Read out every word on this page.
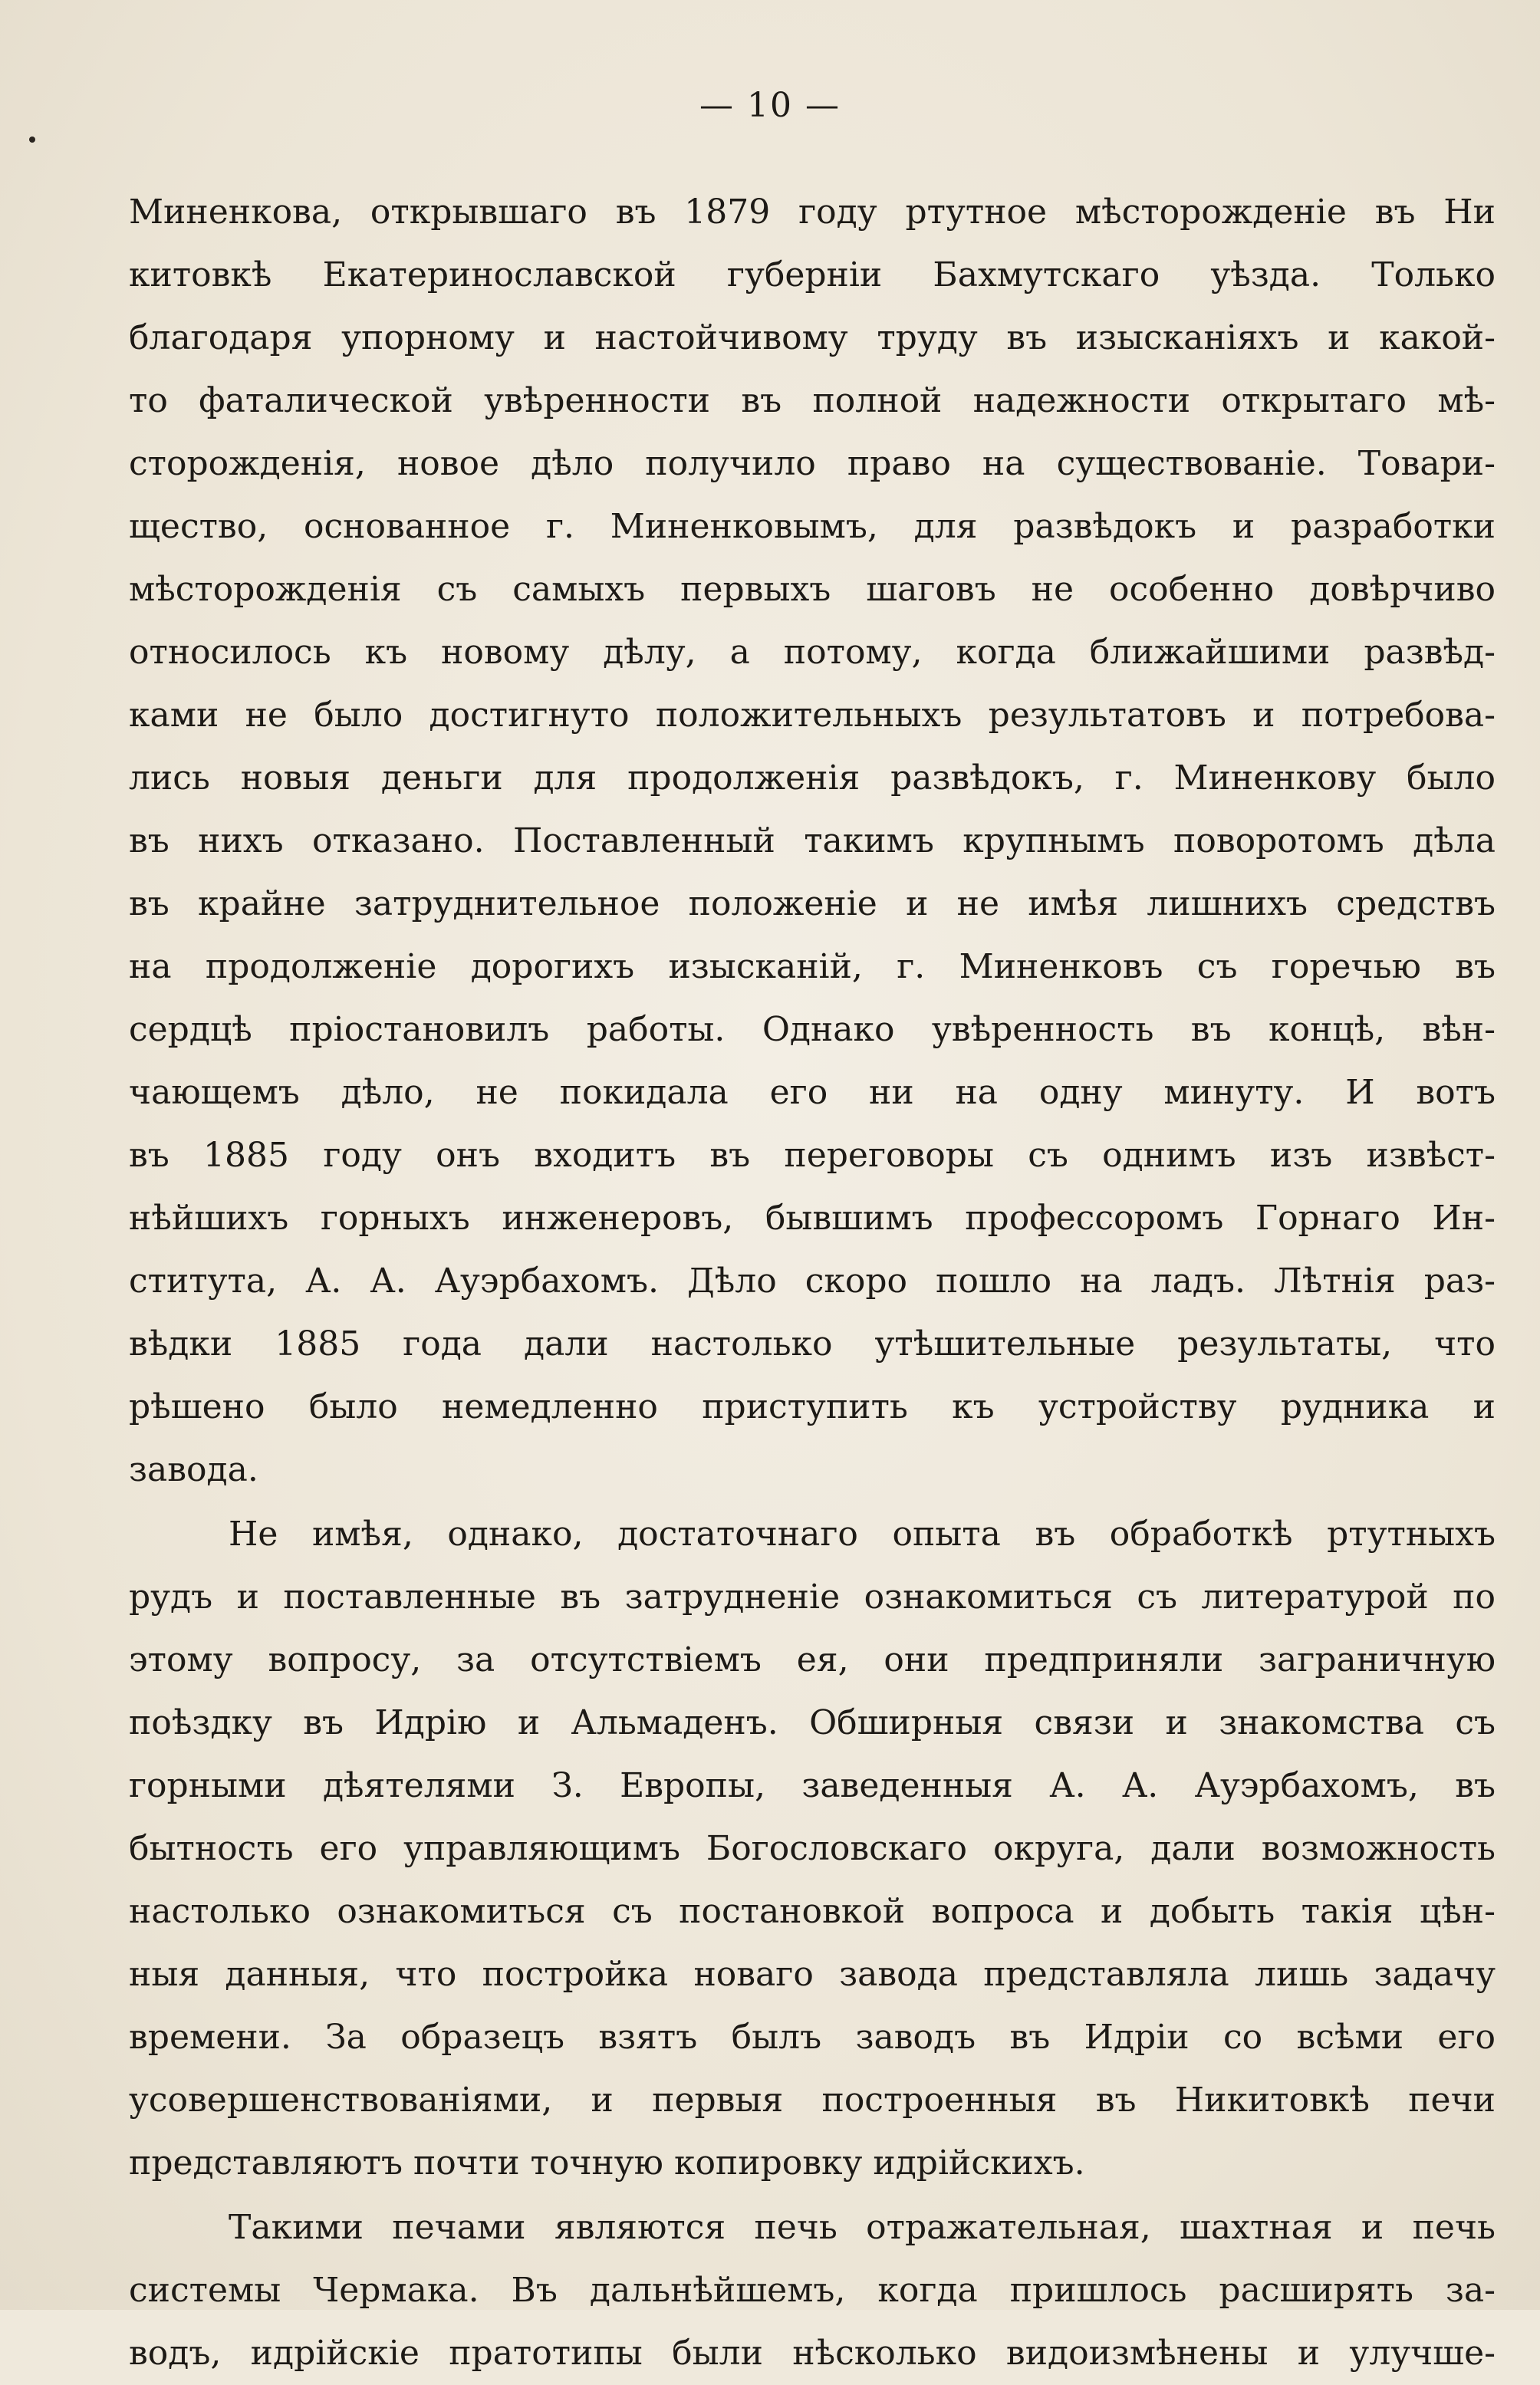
— 10 —
Миненкова, открывшаго въ 1879 году ртутное мѣсторожденіе въ Ни
китовкѣ Екатеринославской губерніи Бахмутскаго уѣзда. Только
благодаря упорному и настойчивому труду въ изысканіяхъ и какой-
то фаталической увѣренности въ полной надежности открытаго мѣ-
сторожденія, новое дѣло получило право на существованіе. Товари-
щество, основанное г. Миненковымъ, для развѣдокъ и разработки
мѣсторожденія съ самыхъ первыхъ шаговъ не особенно довѣрчиво
относилось къ новому дѣлу, а потому, когда ближайшими развѣд-
ками не было достигнуто положительныхъ результатовъ и потребова-
лись новыя деньги для продолженія развѣдокъ, г. Миненкову было
въ нихъ отказано. Поставленный такимъ крупнымъ поворотомъ дѣла
въ крайне затруднительное положеніе и не имѣя лишнихъ средствъ
на продолженіе дорогихъ изысканій, г. Миненковъ съ горечью въ
сердцѣ пріостановилъ работы. Однако увѣренность въ концѣ, вѣн-
чающемъ дѣло, не покидала его ни на одну минуту. И вотъ
въ 1885 году онъ входитъ въ переговоры съ однимъ изъ извѣст-
нѣйшихъ горныхъ инженеровъ, бывшимъ профессоромъ Горнаго Ин-
ститута, А. А. Ауэрбахомъ. Дѣло скоро пошло на ладъ. Лѣтнія раз-
вѣдки 1885 года дали настолько утѣшительные результаты, что
рѣшено было немедленно приступить къ устройству рудника и
завода.
Не имѣя, однако, достаточнаго опыта въ обработкѣ ртутныхъ
рудъ и поставленные въ затрудненіе ознакомиться съ литературой по
этому вопросу, за отсутствіемъ ея, они предприняли заграничную
поѣздку въ Идрію и Альмаденъ. Обширныя связи и знакомства съ
горными дѣятелями З. Европы, заведенныя А. А. Ауэрбахомъ, въ
бытность его управляющимъ Богословскаго округа, дали возможность
настолько ознакомиться съ постановкой вопроса и добыть такія цѣн-
ныя данныя, что постройка новаго завода представляла лишь задачу
времени. За образецъ взятъ былъ заводъ въ Идріи со всѣми его
усовершенствованіями, и первыя построенныя въ Никитовкѣ печи
представляютъ почти точную копировку идрійскихъ.
Такими печами являются печь отражательная, шахтная и печь
системы Чермака. Въ дальнѣйшемъ, когда пришлось расширять за-
водъ, идрійскіе пратотипы были нѣсколько видоизмѣнены и улучше-
